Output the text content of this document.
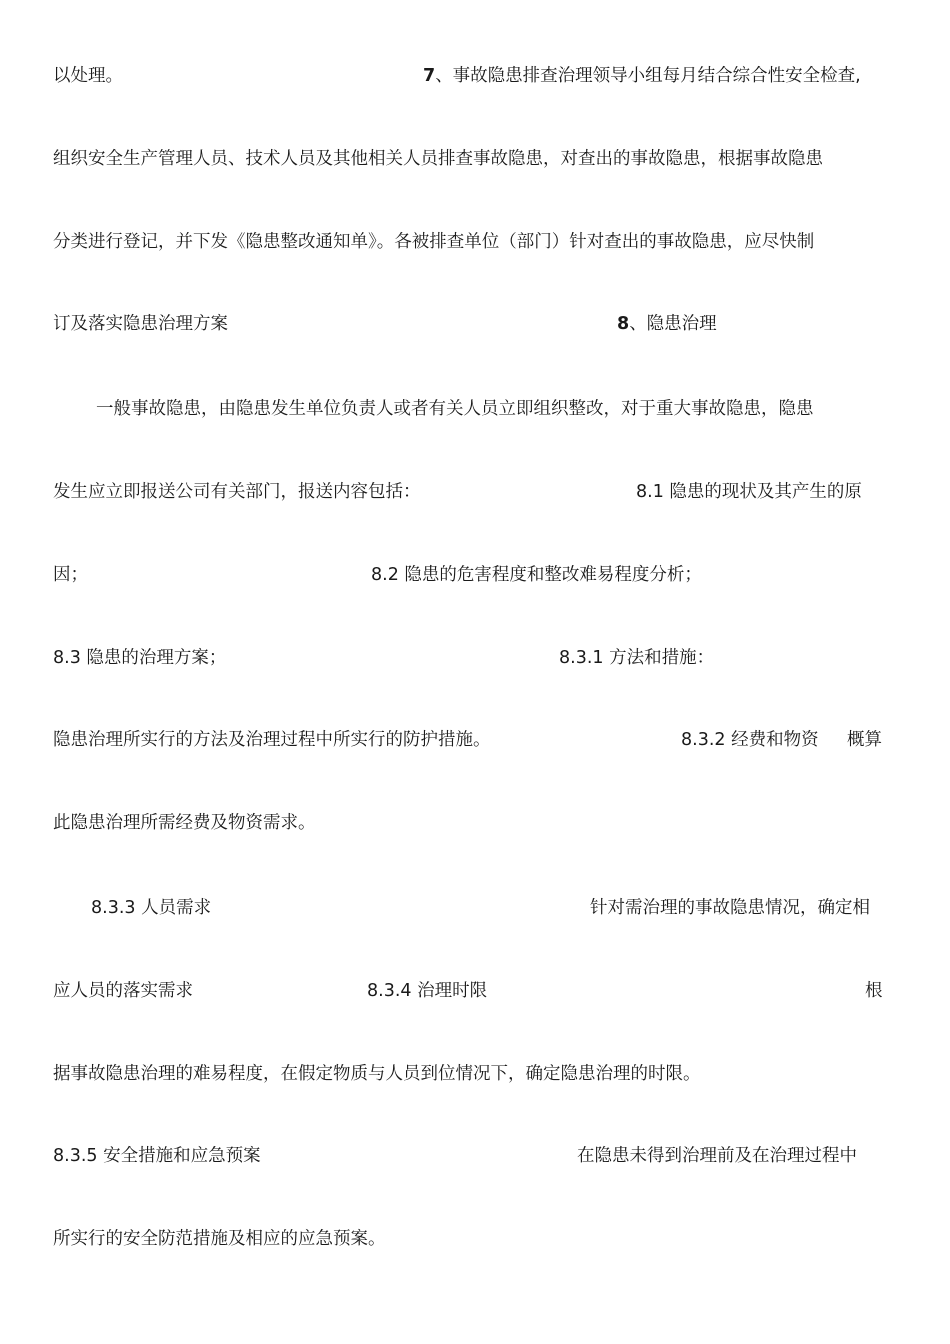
以处理。	7、事故隐患排查治理领导小组每月结合综合性安全检查,
组织安全生产管理人员、技术人员及其他相关人员排查事故隐患，对查出的事故隐患，根据事故隐患
分类进行登记，并下发《隐患整改通知单》。各被排查单位（部门）针对查出的事故隐患，应尽快制
订及落实隐患治理方案	8、隐患治理
一般事故隐患，由隐患发生单位负责人或者有关人员立即组织整改，对于重大事故隐患，隐患
发生应立即报送公司有关部门，报送内容包括：	8.1 隐患的现状及其产生的原
因；	8.2 隐患的危害程度和整改难易程度分析；
8.3 隐患的治理方案；	8.3.1 方法和措施：
隐患治理所实行的方法及治理过程中所实行的防护措施。	8.3.2 经费和物资 概算
此隐患治理所需经费及物资需求。
8.3.3 人员需求	针对需治理的事故隐患情况，确定相
应人员的落实需求	8.3.4 治理时限	根
据事故隐患治理的难易程度，在假定物质与人员到位情况下，确定隐患治理的时限。
8.3.5 安全措施和应急预案	在隐患未得到治理前及在治理过程中
所实行的安全防范措施及相应的应急预案。
